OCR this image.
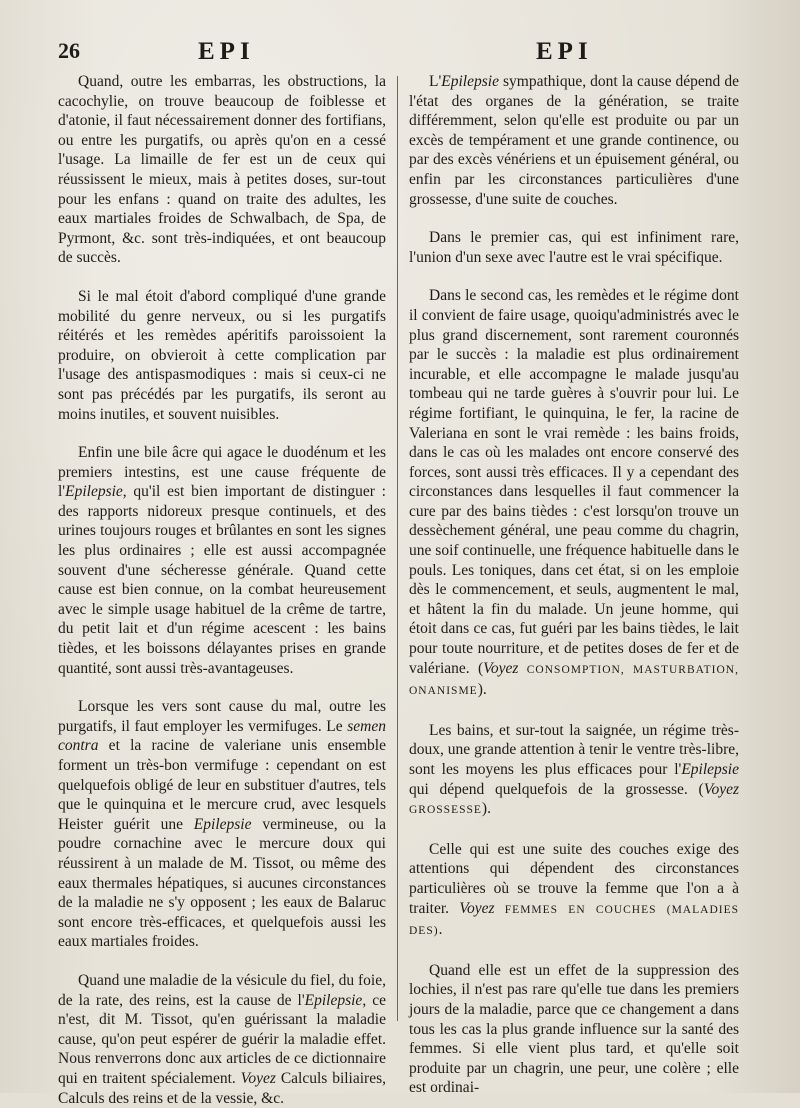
26	EPI	EPI

Quand, outre les embarras, les obstructions, la cacochylie, on trouve beaucoup de foiblesse et d'atonie, il faut nécessairement donner des fortifians, ou entre les purgatifs, ou après qu'on en a cessé l'usage. La limaille de fer est un de ceux qui réussissent le mieux, mais à petites doses, sur-tout pour les enfans : quand on traite des adultes, les eaux martiales froides de Schwalbach, de Spa, de Pyrmont, &c. sont très-indiquées, et ont beaucoup de succès.

Si le mal étoit d'abord compliqué d'une grande mobilité du genre nerveux, ou si les purgatifs réitérés et les remèdes apéritifs paroissoient la produire, on obvieroit à cette complication par l'usage des antispasmodiques : mais si ceux-ci ne sont pas précédés par les purgatifs, ils seront au moins inutiles, et souvent nuisibles.

Enfin une bile âcre qui agace le duodénum et les premiers intestins, est une cause fréquente de l'Epilepsie, qu'il est bien important de distinguer : des rapports nidoreux presque continuels, et des urines toujours rouges et brûlantes en sont les signes les plus ordinaires ; elle est aussi accompagnée souvent d'une sécheresse générale. Quand cette cause est bien connue, on la combat heureusement avec le simple usage habituel de la crême de tartre, du petit lait et d'un régime acescent : les bains tièdes, et les boissons délayantes prises en grande quantité, sont aussi très-avantageuses.

Lorsque les vers sont cause du mal, outre les purgatifs, il faut employer les vermifuges. Le semen contra et la racine de valeriane unis ensemble forment un très-bon vermifuge : cependant on est quelquefois obligé de leur en substituer d'autres, tels que le quinquina et le mercure crud, avec lesquels Heister guérit une Epilepsie vermineuse, ou la poudre cornachine avec le mercure doux qui réussirent à un malade de M. Tissot, ou même des eaux thermales hépatiques, si aucunes circonstances de la maladie ne s'y opposent ; les eaux de Balaruc sont encore très-efficaces, et quelquefois aussi les eaux martiales froides.

Quand une maladie de la vésicule du fiel, du foie, de la rate, des reins, est la cause de l'Epilepsie, ce n'est, dit M. Tissot, qu'en guérissant la maladie cause, qu'on peut espérer de guérir la maladie effet. Nous renverrons donc aux articles de ce dictionnaire qui en traitent spécialement. Voyez Calculs biliaires, Calculs des reins et de la vessie, &c.

L'Epilepsie sympathique, dont la cause dépend de l'état des organes de la génération, se traite différemment, selon qu'elle est produite ou par un excès de tempérament et une grande continence, ou par des excès vénériens et un épuisement général, ou enfin par les circonstances particulières d'une grossesse, d'une suite de couches.

Dans le premier cas, qui est infiniment rare, l'union d'un sexe avec l'autre est le vrai spécifique.

Dans le second cas, les remèdes et le régime dont il convient de faire usage, quoiqu'administrés avec le plus grand discernement, sont rarement couronnés par le succès : la maladie est plus ordinairement incurable, et elle accompagne le malade jusqu'au tombeau qui ne tarde guères à s'ouvrir pour lui. Le régime fortifiant, le quinquina, le fer, la racine de Valeriana en sont le vrai remède : les bains froids, dans le cas où les malades ont encore conservé des forces, sont aussi très efficaces. Il y a cependant des circonstances dans lesquelles il faut commencer la cure par des bains tièdes : c'est lorsqu'on trouve un dessèchement général, une peau comme du chagrin, une soif continuelle, une fréquence habituelle dans le pouls. Les toniques, dans cet état, si on les emploie dès le commencement, et seuls, augmentent le mal, et hâtent la fin du malade. Un jeune homme, qui étoit dans ce cas, fut guéri par les bains tièdes, le lait pour toute nourriture, et de petites doses de fer et de valériane. (Voyez CONSOMPTION, MASTURBATION, ONANISME).

Les bains, et sur-tout la saignée, un régime très-doux, une grande attention à tenir le ventre très-libre, sont les moyens les plus efficaces pour l'Epilepsie qui dépend quelquefois de la grossesse. (Voyez GROSSESSE).

Celle qui est une suite des couches exige des attentions qui dépendent des circonstances particulières où se trouve la femme que l'on a à traiter. Voyez FEMMES EN COUCHES (MALADIES DES).

Quand elle est un effet de la suppression des lochies, il n'est pas rare qu'elle tue dans les premiers jours de la maladie, parce que ce changement a dans tous les cas la plus grande influence sur la santé des femmes. Si elle vient plus tard, et qu'elle soit produite par un chagrin, une peur, une colère ; elle est ordinai-
